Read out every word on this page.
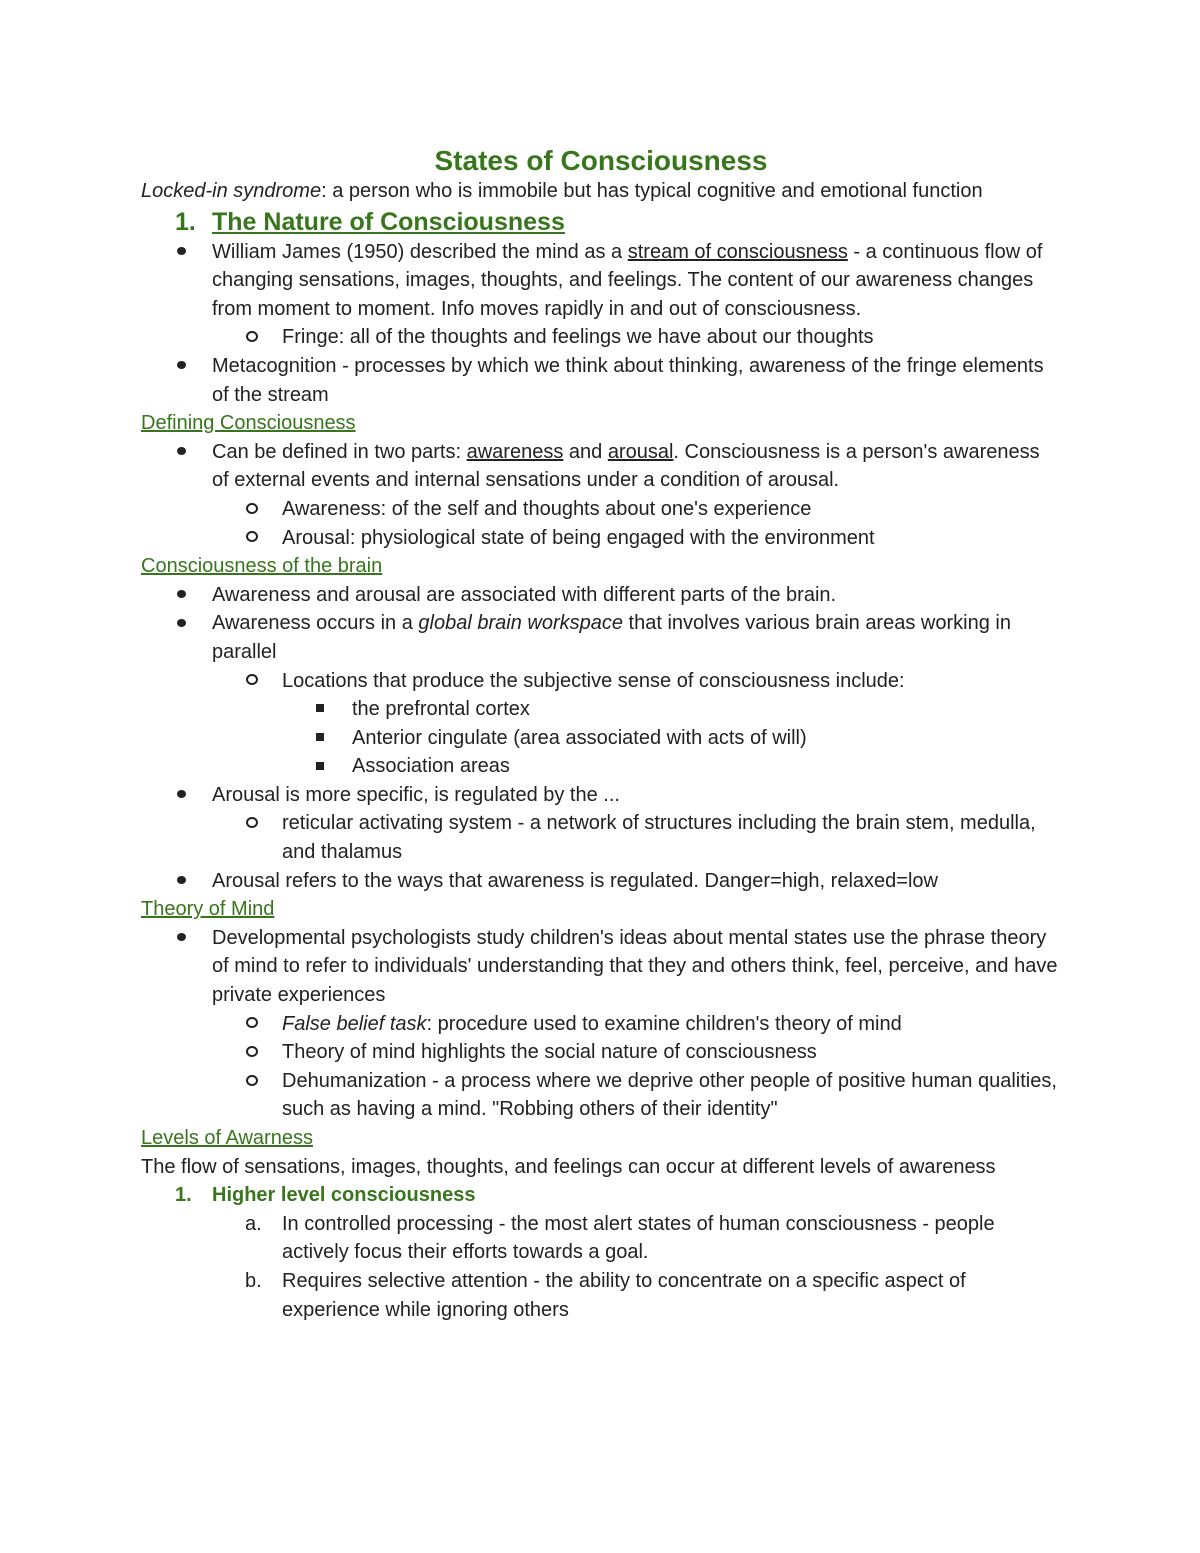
States of Consciousness

Locked-in syndrome: a person who is immobile but has typical cognitive and emotional function

1. The Nature of Consciousness

William James (1950) described the mind as a stream of consciousness - a continuous flow of changing sensations, images, thoughts, and feelings. The content of our awareness changes from moment to moment. Info moves rapidly in and out of consciousness.
Fringe: all of the thoughts and feelings we have about our thoughts
Metacognition - processes by which we think about thinking, awareness of the fringe elements of the stream

Defining Consciousness

Can be defined in two parts: awareness and arousal. Consciousness is a person's awareness of external events and internal sensations under a condition of arousal.
Awareness: of the self and thoughts about one's experience
Arousal: physiological state of being engaged with the environment

Consciousness of the brain

Awareness and arousal are associated with different parts of the brain.
Awareness occurs in a global brain workspace that involves various brain areas working in parallel
Locations that produce the subjective sense of consciousness include:
the prefrontal cortex
Anterior cingulate (area associated with acts of will)
Association areas
Arousal is more specific, is regulated by the ...
reticular activating system - a network of structures including the brain stem, medulla, and thalamus
Arousal refers to the ways that awareness is regulated. Danger=high, relaxed=low

Theory of Mind

Developmental psychologists study children's ideas about mental states use the phrase theory of mind to refer to individuals' understanding that they and others think, feel, perceive, and have private experiences
False belief task: procedure used to examine children's theory of mind
Theory of mind highlights the social nature of consciousness
Dehumanization - a process where we deprive other people of positive human qualities, such as having a mind. "Robbing others of their identity"

Levels of Awarness

The flow of sensations, images, thoughts, and feelings can occur at different levels of awareness

1. Higher level consciousness
a. In controlled processing - the most alert states of human consciousness - people actively focus their efforts towards a goal.
b. Requires selective attention - the ability to concentrate on a specific aspect of experience while ignoring others
